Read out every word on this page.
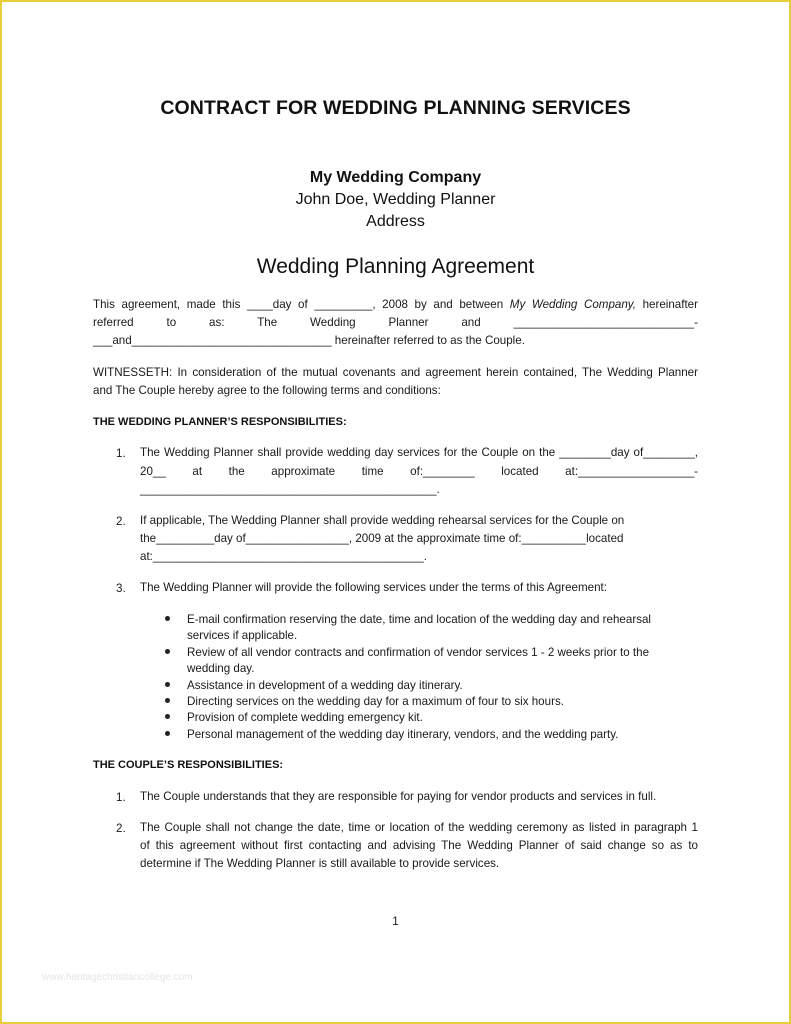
CONTRACT FOR WEDDING PLANNING SERVICES
My Wedding Company
John Doe, Wedding Planner
Address
Wedding Planning Agreement
This agreement, made this ____day of _________, 2008 by and between My Wedding Company, hereinafter
referred to as: The Wedding Planner and ____________________________-
___and_______________________________ hereinafter referred to as the Couple.
WITNESSETH: In consideration of the mutual covenants and agreement herein contained, The Wedding Planner
and The Couple hereby agree to the following terms and conditions:
THE WEDDING PLANNER’S RESPONSIBILITIES:
1. The Wedding Planner shall provide wedding day services for the Couple on the ________day of________,
20__ at the approximate time of:________ located at:__________________-
______________________________________________.
2. If applicable, The Wedding Planner shall provide wedding rehearsal services for the Couple on
the_________day of________________, 2009 at the approximate time of:__________located
at:__________________________________________.
3. The Wedding Planner will provide the following services under the terms of this Agreement:
E-mail confirmation reserving the date, time and location of the wedding day and rehearsal
services if applicable.
Review of all vendor contracts and confirmation of vendor services 1 - 2 weeks prior to the
wedding day.
Assistance in development of a wedding day itinerary.
Directing services on the wedding day for a maximum of four to six hours.
Provision of complete wedding emergency kit.
Personal management of the wedding day itinerary, vendors, and the wedding party.
THE COUPLE’S RESPONSIBILITIES:
1. The Couple understands that they are responsible for paying for vendor products and services in full.
2. The Couple shall not change the date, time or location of the wedding ceremony as listed in paragraph 1
of this agreement without first contacting and advising The Wedding Planner of said change so as to
determine if The Wedding Planner is still available to provide services.
1
www.heritagechristiancollege.com
